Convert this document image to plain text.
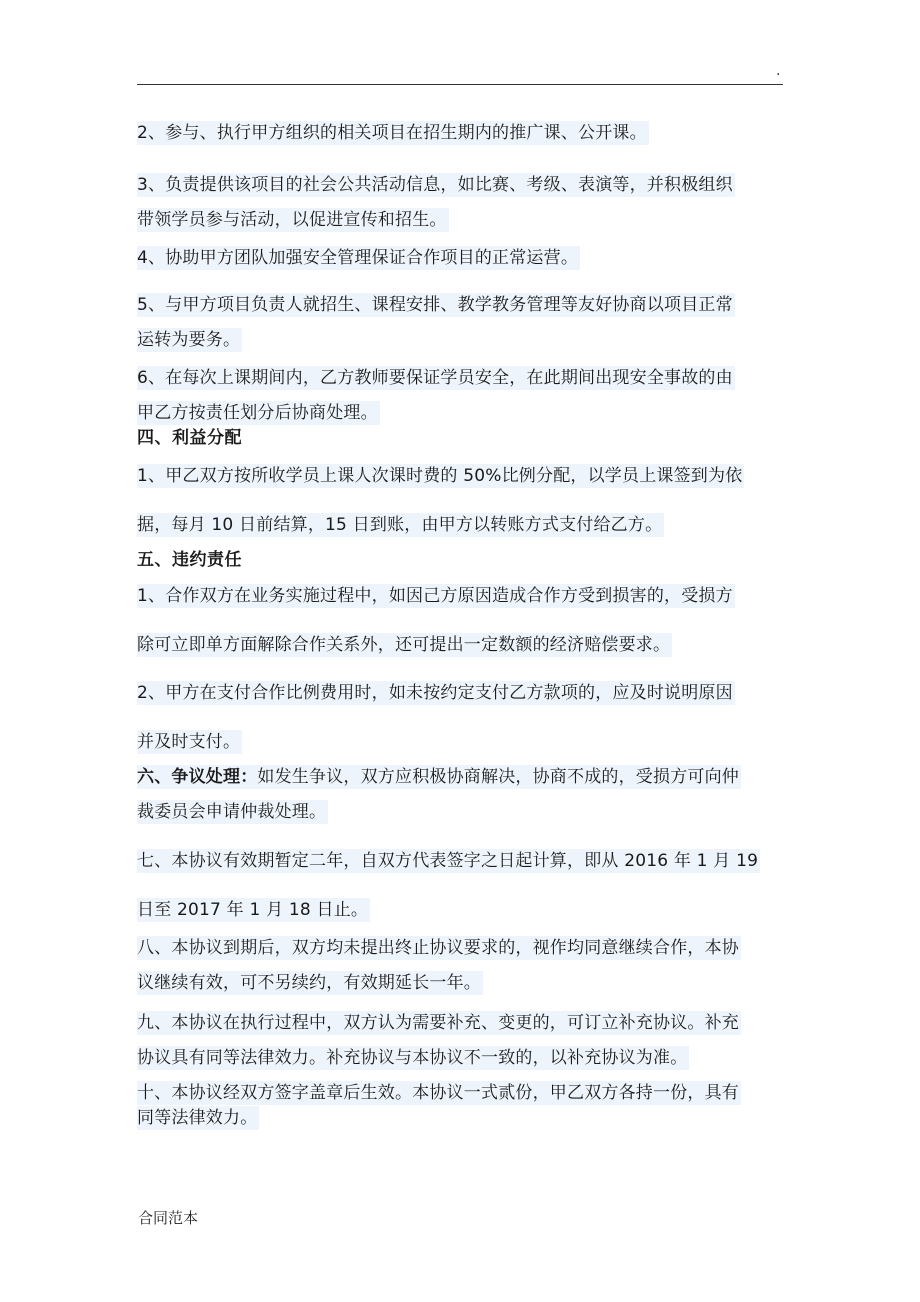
.
2、参与、执行甲方组织的相关项目在招生期内的推广课、公开课。
3、负责提供该项目的社会公共活动信息，如比赛、考级、表演等，并积极组织
带领学员参与活动，以促进宣传和招生。
4、协助甲方团队加强安全管理保证合作项目的正常运营。
5、与甲方项目负责人就招生、课程安排、教学教务管理等友好协商以项目正常
运转为要务。
6、在每次上课期间内，乙方教师要保证学员安全，在此期间出现安全事故的由
甲乙方按责任划分后协商处理。
四、利益分配
1、甲乙双方按所收学员上课人次课时费的 50%比例分配，以学员上课签到为依
据，每月 10 日前结算，15 日到账，由甲方以转账方式支付给乙方。
五、违约责任
1、合作双方在业务实施过程中，如因己方原因造成合作方受到损害的，受损方
除可立即单方面解除合作关系外，还可提出一定数额的经济赔偿要求。
2、甲方在支付合作比例费用时，如未按约定支付乙方款项的，应及时说明原因
并及时支付。
六、争议处理：如发生争议，双方应积极协商解决，协商不成的，受损方可向仲
裁委员会申请仲裁处理。
七、本协议有效期暂定二年，自双方代表签字之日起计算，即从 2016 年 1 月 19
日至 2017 年 1 月 18 日止。
八、本协议到期后，双方均未提出终止协议要求的，视作均同意继续合作，本协
议继续有效，可不另续约，有效期延长一年。
九、本协议在执行过程中，双方认为需要补充、变更的，可订立补充协议。补充
协议具有同等法律效力。补充协议与本协议不一致的，以补充协议为准。
十、本协议经双方签字盖章后生效。本协议一式贰份，甲乙双方各持一份，具有
同等法律效力。
合同范本
